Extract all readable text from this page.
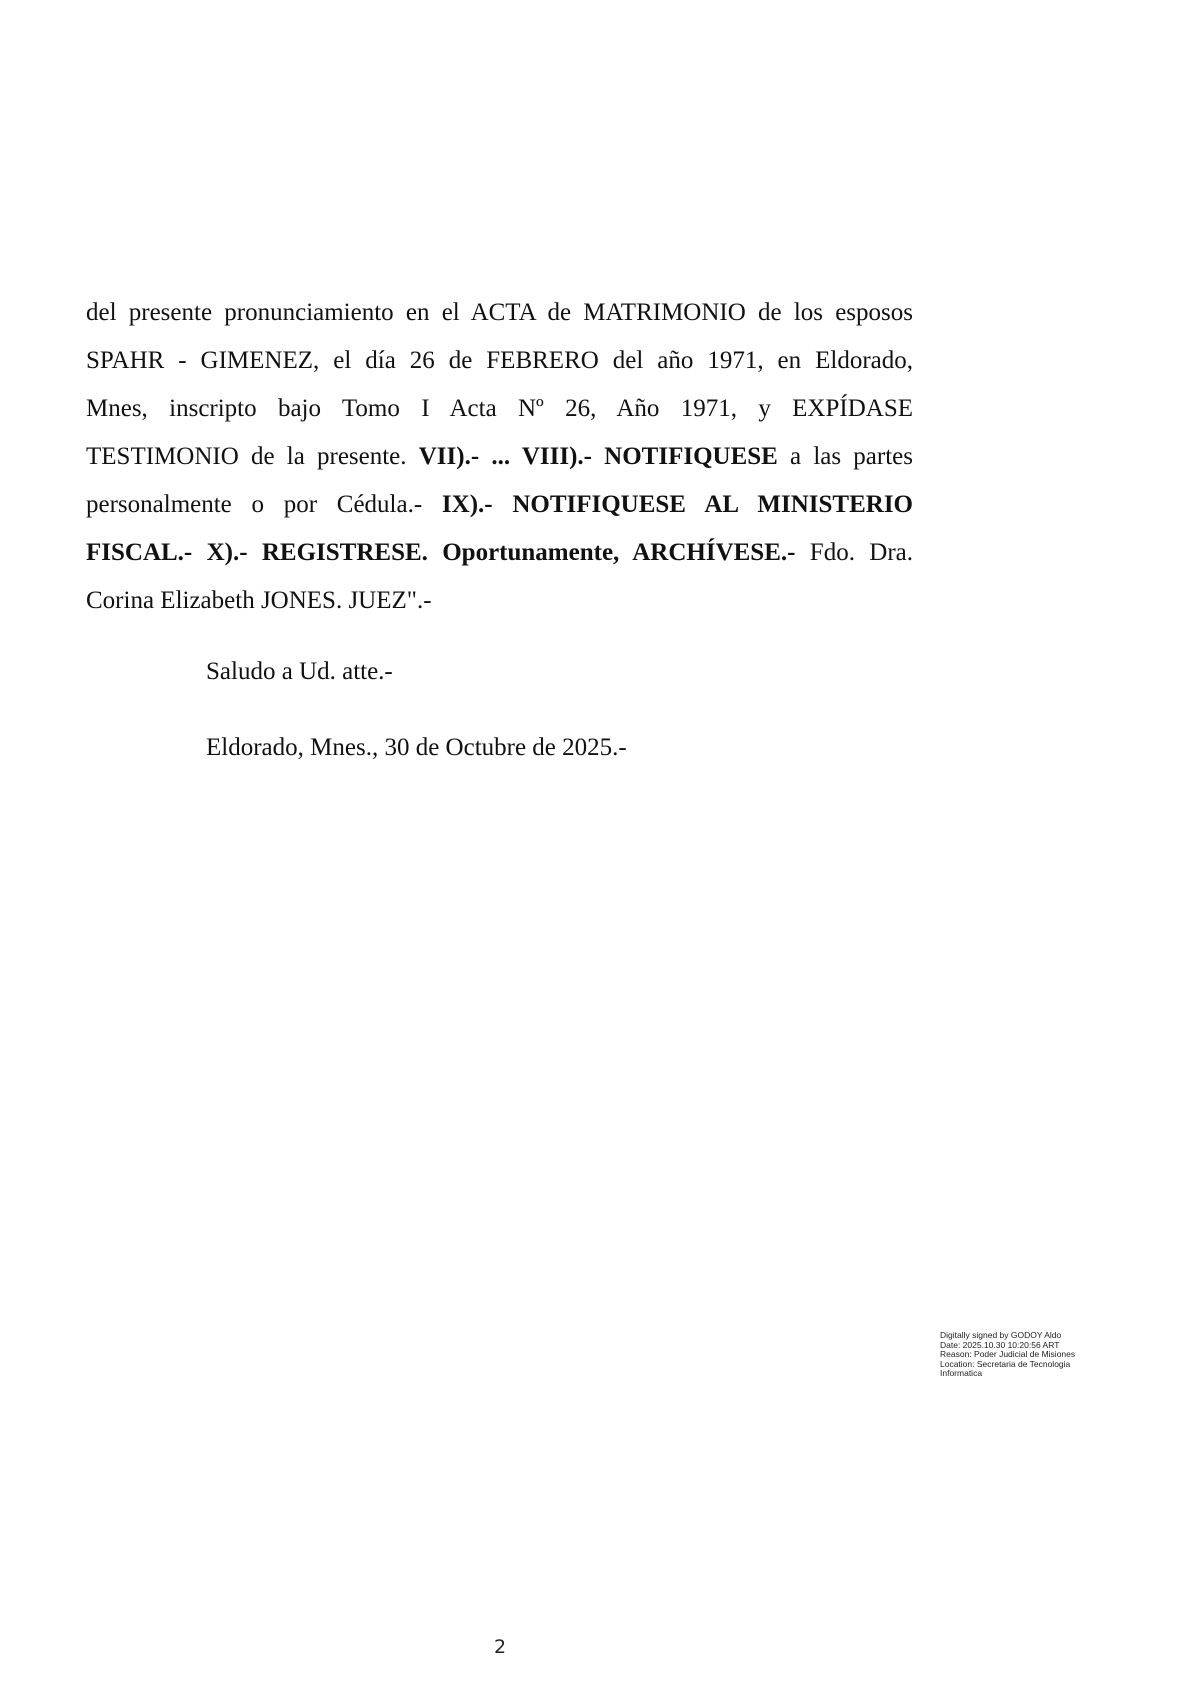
del presente pronunciamiento en el ACTA de MATRIMONIO de los esposos
SPAHR - GIMENEZ, el día 26 de FEBRERO del año 1971, en Eldorado,
Mnes, inscripto bajo Tomo I Acta Nº 26, Año 1971, y EXPÍDASE
TESTIMONIO de la presente. VII).- ... VIII).- NOTIFIQUESE a las partes
personalmente o por Cédula.- IX).- NOTIFIQUESE AL MINISTERIO
FISCAL.- X).- REGISTRESE. Oportunamente, ARCHÍVESE.- Fdo. Dra.
Corina Elizabeth JONES. JUEZ".-

Saludo a Ud. atte.-

Eldorado, Mnes., 30 de Octubre de 2025.-

Digitally signed by GODOY Aldo
Date: 2025.10.30 10:20:56 ART
Reason: Poder Judicial de Misiones
Location: Secretaria de Tecnologia
Informatica
2
